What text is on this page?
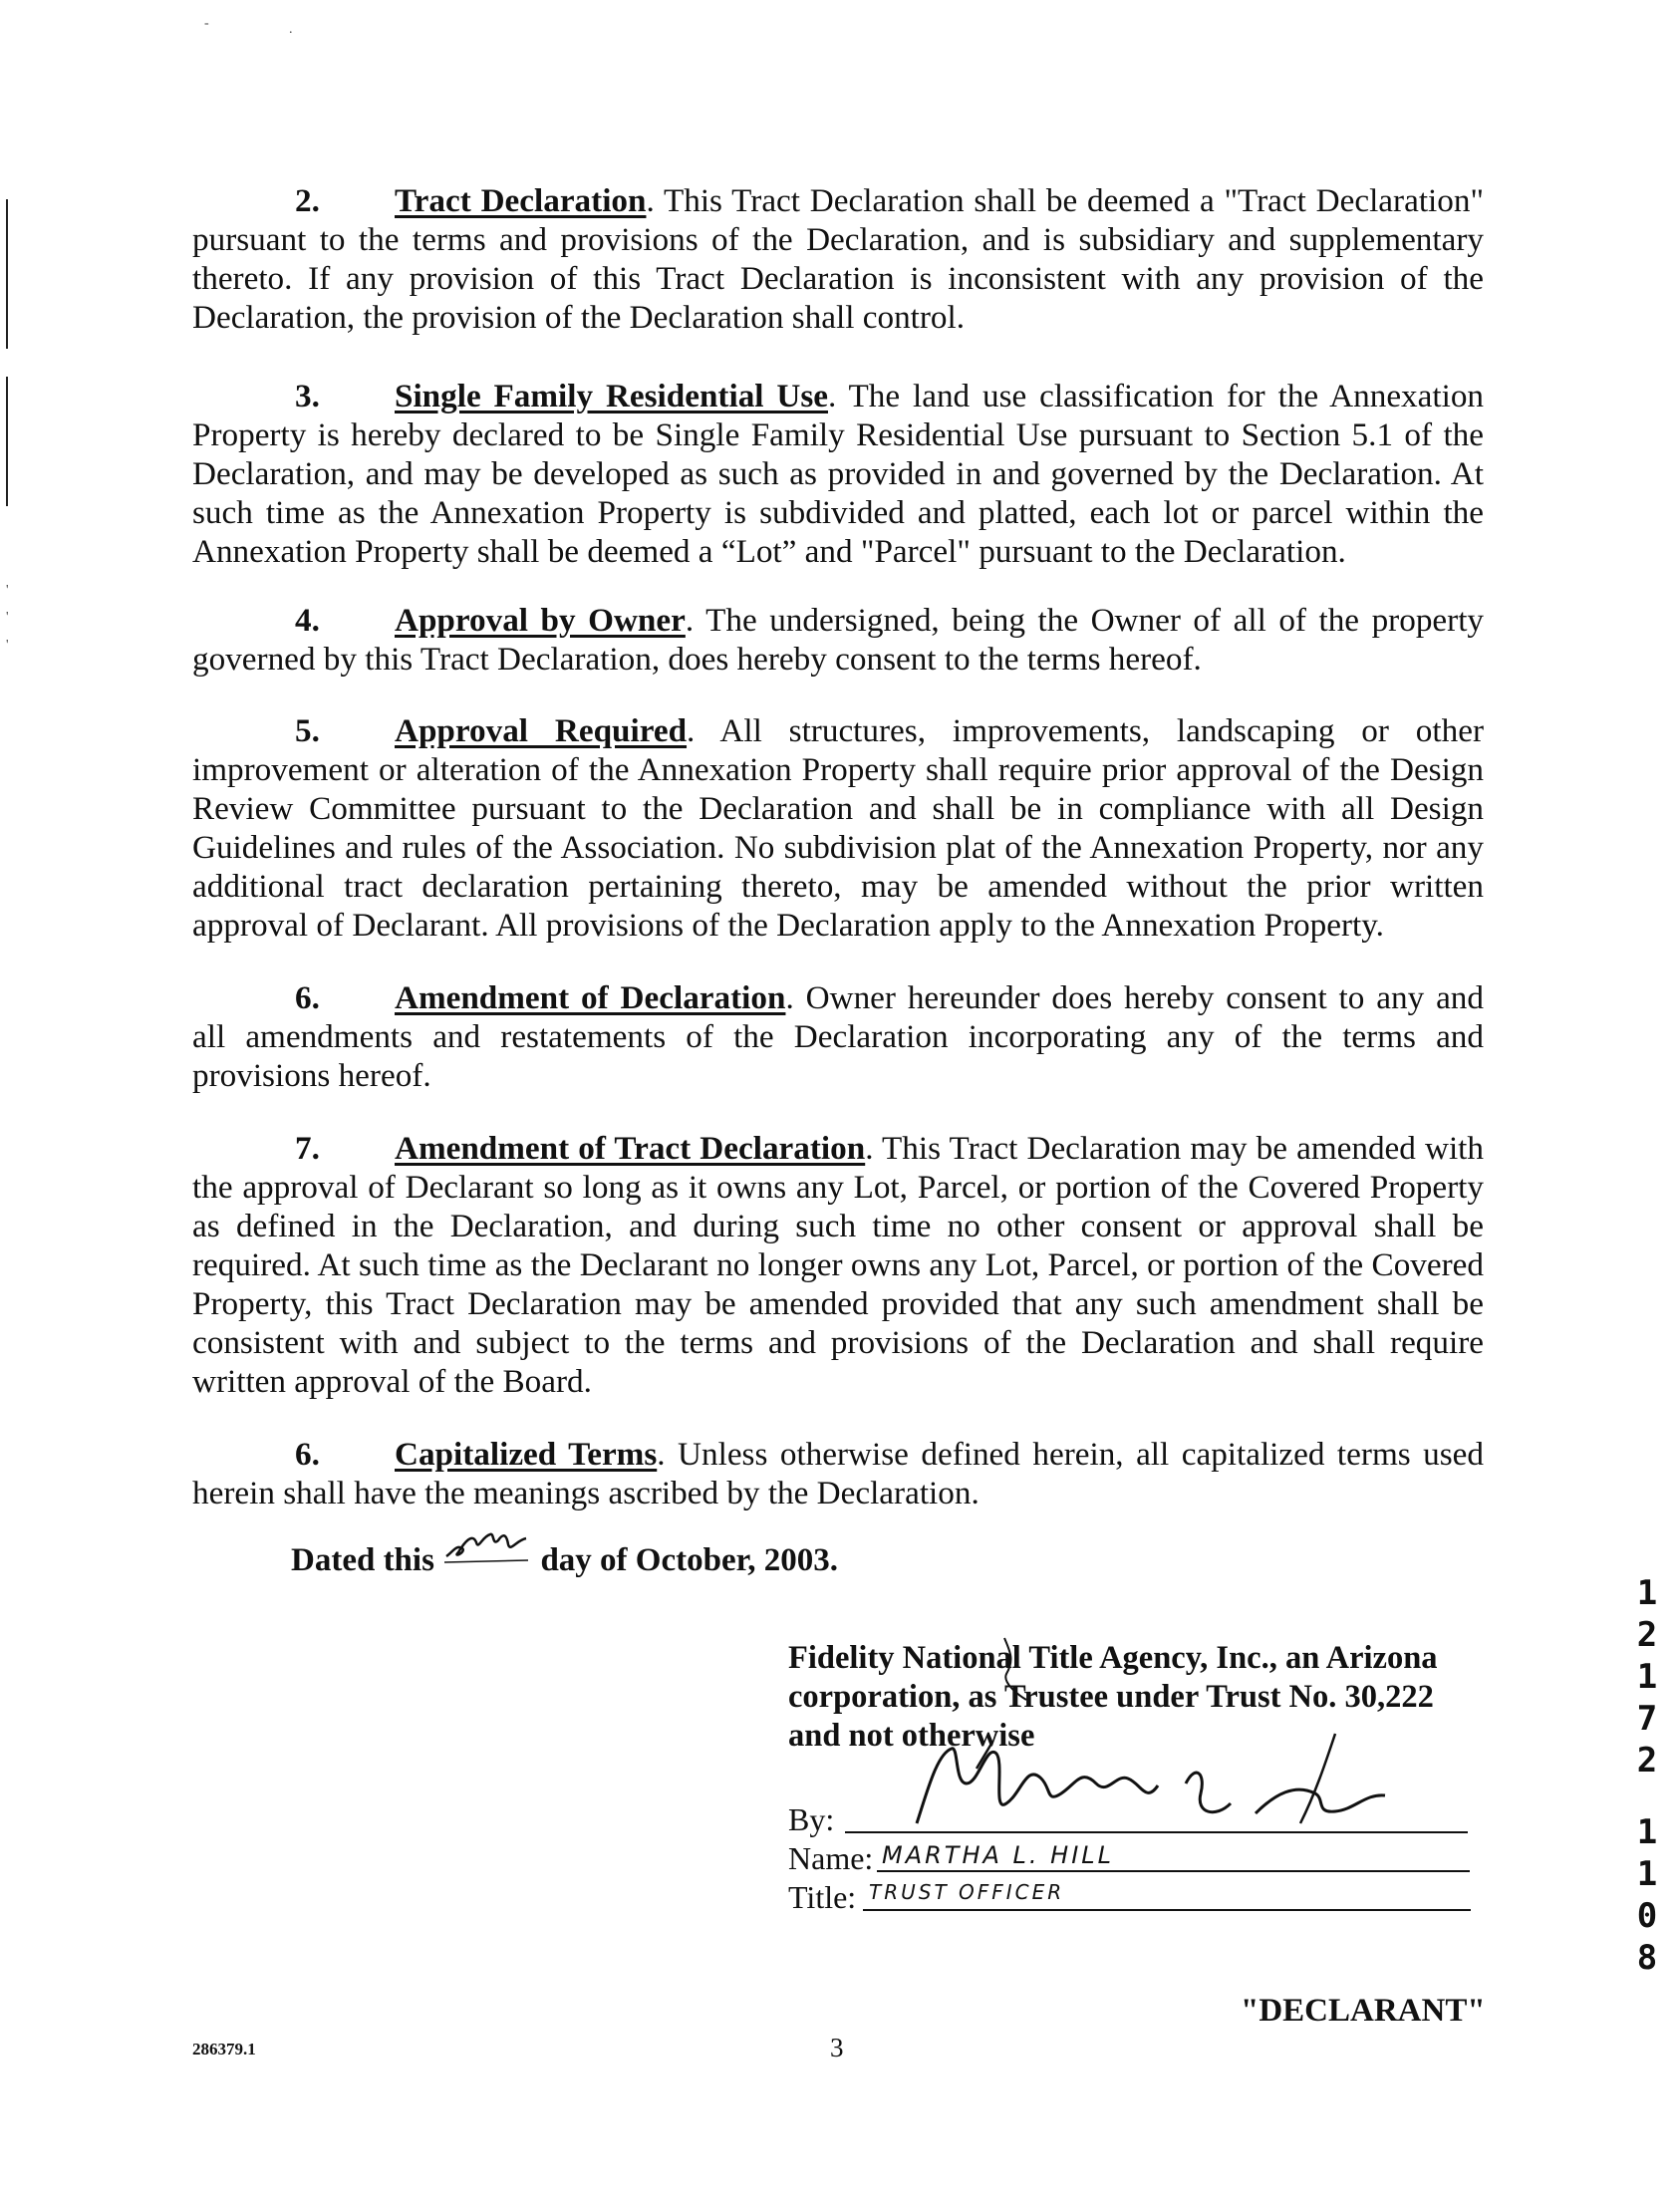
'
'
'
-	.
2. Tract Declaration. This Tract Declaration shall be deemed a "Tract Declaration" pursuant to the terms and provisions of the Declaration, and is subsidiary and supplementary thereto. If any provision of this Tract Declaration is inconsistent with any provision of the Declaration, the provision of the Declaration shall control.
3. Single Family Residential Use. The land use classification for the Annexation Property is hereby declared to be Single Family Residential Use pursuant to Section 5.1 of the Declaration, and may be developed as such as provided in and governed by the Declaration. At such time as the Annexation Property is subdivided and platted, each lot or parcel within the Annexation Property shall be deemed a “Lot” and "Parcel" pursuant to the Declaration.
4. Approval by Owner. The undersigned, being the Owner of all of the property governed by this Tract Declaration, does hereby consent to the terms hereof.
5. Approval Required. All structures, improvements, landscaping or other improvement or alteration of the Annexation Property shall require prior approval of the Design Review Committee pursuant to the Declaration and shall be in compliance with all Design Guidelines and rules of the Association. No subdivision plat of the Annexation Property, nor any additional tract declaration pertaining thereto, may be amended without the prior written approval of Declarant. All provisions of the Declaration apply to the Annexation Property.
6. Amendment of Declaration. Owner hereunder does hereby consent to any and all amendments and restatements of the Declaration incorporating any of the terms and provisions hereof.
7. Amendment of Tract Declaration. This Tract Declaration may be amended with the approval of Declarant so long as it owns any Lot, Parcel, or portion of the Covered Property as defined in the Declaration, and during such time no other consent or approval shall be required. At such time as the Declarant no longer owns any Lot, Parcel, or portion of the Covered Property, this Tract Declaration may be amended provided that any such amendment shall be consistent with and subject to the terms and provisions of the Declaration and shall require written approval of the Board.
6. Capitalized Terms. Unless otherwise defined herein, all capitalized terms used herein shall have the meanings ascribed by the Declaration.
Dated this	day of October, 2003.
Fidelity National Title Agency, Inc., an Arizona
corporation, as Trustee under Trust No. 30,222
and not otherwise
By:
Name: MARTHA L. HILL
Title: TRUST OFFICER
"DECLARANT"
286379.1	3
1
2
1
7
2
1
1
0
8
